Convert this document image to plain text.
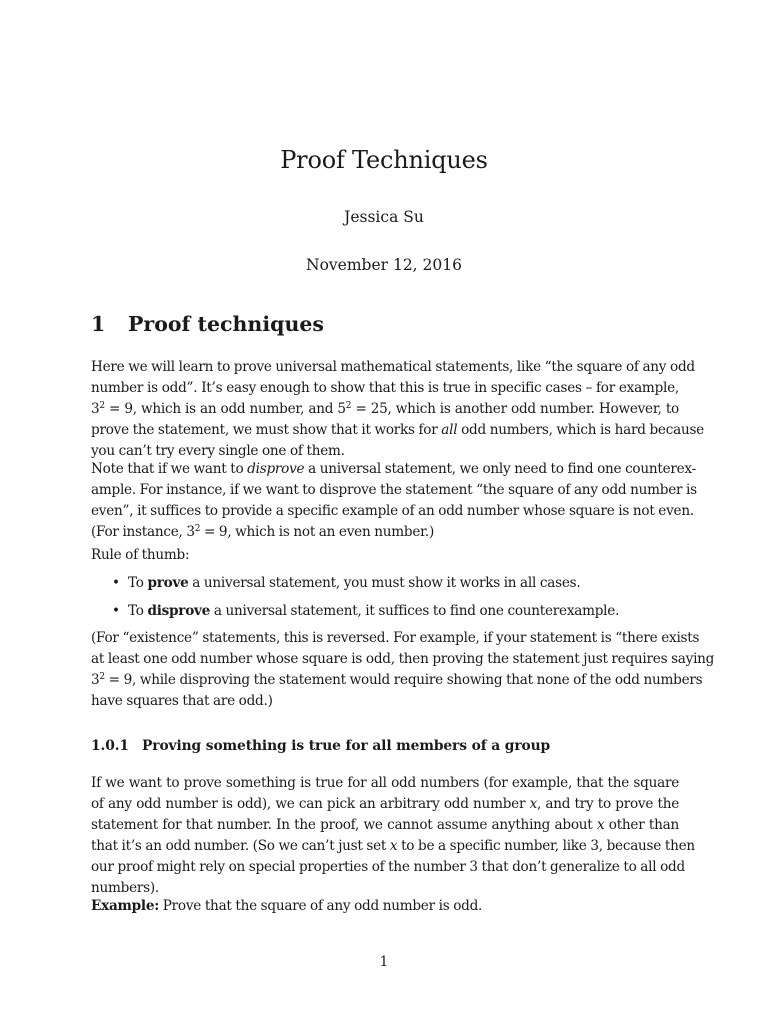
Proof Techniques
Jessica Su
November 12, 2016
1 Proof techniques
Here we will learn to prove universal mathematical statements, like “the square of any odd
number is odd”. It’s easy enough to show that this is true in specific cases – for example,
$3^2 = 9$, which is an odd number, and $5^2 = 25$, which is another odd number. However, to
prove the statement, we must show that it works for all odd numbers, which is hard because
you can’t try every single one of them.
Note that if we want to disprove a universal statement, we only need to find one counterex-
ample. For instance, if we want to disprove the statement “the square of any odd number is
even”, it suffices to provide a specific example of an odd number whose square is not even.
(For instance, $3^2 = 9$, which is not an even number.)
Rule of thumb:
• To prove a universal statement, you must show it works in all cases.
• To disprove a universal statement, it suffices to find one counterexample.
(For “existence” statements, this is reversed. For example, if your statement is “there exists
at least one odd number whose square is odd, then proving the statement just requires saying
$3^2 = 9$, while disproving the statement would require showing that none of the odd numbers
have squares that are odd.)
1.0.1 Proving something is true for all members of a group
If we want to prove something is true for all odd numbers (for example, that the square
of any odd number is odd), we can pick an arbitrary odd number x, and try to prove the
statement for that number. In the proof, we cannot assume anything about x other than
that it’s an odd number. (So we can’t just set x to be a specific number, like 3, because then
our proof might rely on special properties of the number 3 that don’t generalize to all odd
numbers).
Example: Prove that the square of any odd number is odd.
1
